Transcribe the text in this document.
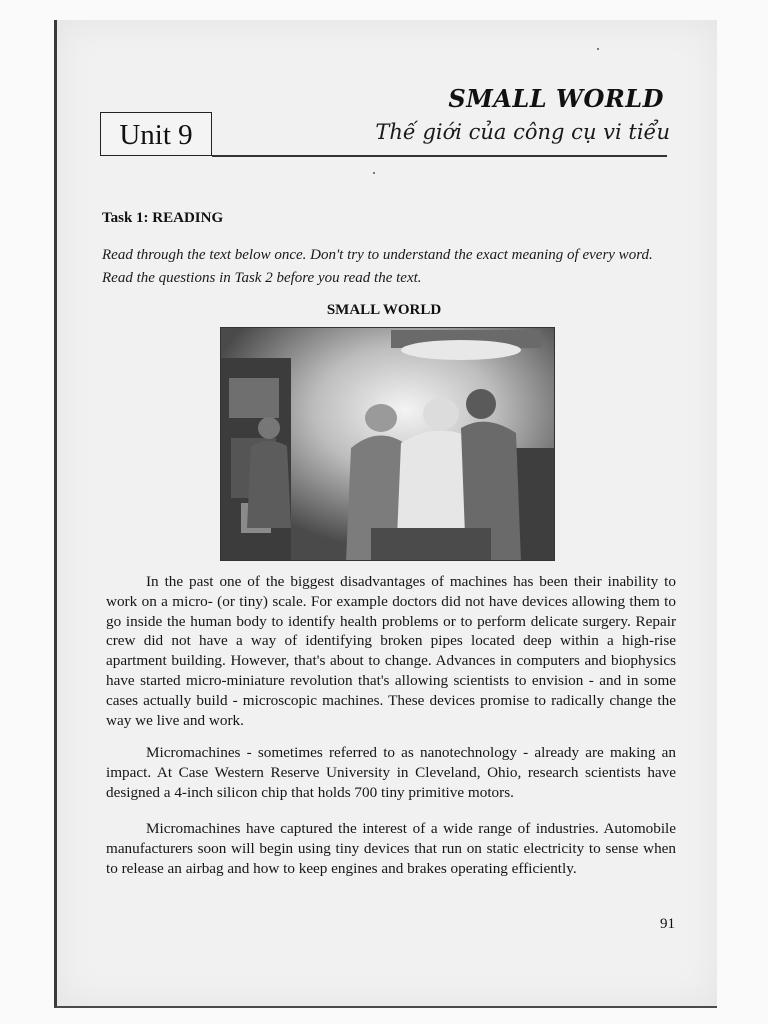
Unit 9
SMALL WORLD
Thế giới của công cụ vi tiểu
Task 1: READING
Read through the text below once. Don't try to understand the exact meaning of every word. Read the questions in Task 2 before you read the text.
SMALL WORLD

In the past one of the biggest disadvantages of machines has been their inability to work on a micro- (or tiny) scale. For example doctors did not have devices allowing them to go inside the human body to identify health problems or to perform delicate surgery. Repair crew did not have a way of identifying broken pipes located deep within a high-rise apartment building. However, that's about to change. Advances in computers and biophysics have started micro-miniature revolution that's allowing scientists to envision - and in some cases actually build - microscopic machines. These devices promise to radically change the way we live and work.

Micromachines - sometimes referred to as nanotechnology - already are making an impact. At Case Western Reserve University in Cleveland, Ohio, research scientists have designed a 4-inch silicon chip that holds 700 tiny primitive motors.

Micromachines have captured the interest of a wide range of industries. Automobile manufacturers soon will begin using tiny devices that run on static electricity to sense when to release an airbag and how to keep engines and brakes operating efficiently.

91
